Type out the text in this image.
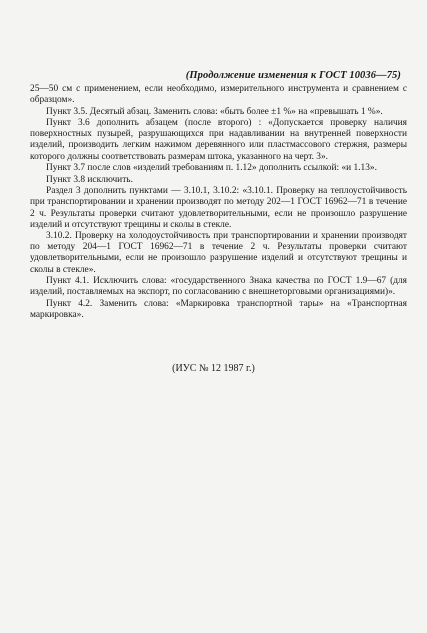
(Продолжение изменения к ГОСТ 10036—75)

25—50 см с применением, если необходимо, измерительного инструмента и сравнением с образцом».

Пункт 3.5. Десятый абзац. Заменить слова: «быть более ±1 %» на «превышать 1 %».

Пункт 3.6 дополнить абзацем (после второго) : «Допускается проверку наличия поверхностных пузырей, разрушающихся при надавливании на внутренней поверхности изделий, производить легким нажимом деревянного или пластмассового стержня, размеры которого должны соответствовать размерам штока, указанного на черт. 3».

Пункт 3.7 после слов «изделий требованиям п. 1.12» дополнить ссылкой: «и 1.13».

Пункт 3.8 исключить.

Раздел 3 дополнить пунктами — 3.10.1, 3.10.2: «3.10.1. Проверку на теплоустойчивость при транспортировании и хранении производят по методу 202—1 ГОСТ 16962—71 в течение 2 ч. Результаты проверки считают удовлетворительными, если не произошло разрушение изделий и отсутствуют трещины и сколы в стекле.

3.10.2. Проверку на холодоустойчивость при транспортировании и хранении производят по методу 204—1 ГОСТ 16962—71 в течение 2 ч. Результаты проверки считают удовлетворительными, если не произошло разрушение изделий и отсутствуют трещины и сколы в стекле».

Пункт 4.1. Исключить слова: «государственного Знака качества по ГОСТ 1.9—67 (для изделий, поставляемых на экспорт, по согласованию с внешнеторговыми организациями)».

Пункт 4.2. Заменить слова: «Маркировка транспортной тары» на «Транспортная маркировка».

(ИУС № 12 1987 г.)
